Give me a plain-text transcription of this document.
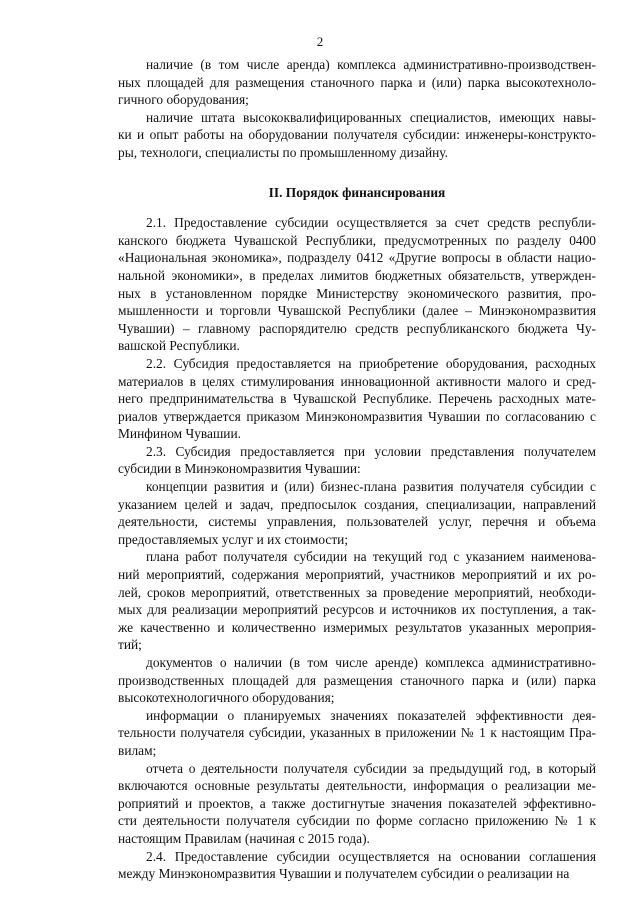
2
наличие (в том числе аренда) комплекса административно-производствен-
ных площадей для размещения станочного парка и (или) парка высокотехноло-
гичного оборудования;
наличие штата высококвалифицированных специалистов, имеющих навы-
ки и опыт работы на оборудовании получателя субсидии: инженеры-конструкто-
ры, технологи, специалисты по промышленному дизайну.
II. Порядок финансирования
2.1. Предоставление субсидии осуществляется за счет средств республи-
канского бюджета Чувашской Республики, предусмотренных по разделу 0400
«Национальная экономика», подразделу 0412 «Другие вопросы в области нацио-
нальной экономики», в пределах лимитов бюджетных обязательств, утвержден-
ных в установленном порядке Министерству экономического развития, про-
мышленности и торговли Чувашской Республики (далее – Минэкономразвития
Чувашии) – главному распорядителю средств республиканского бюджета Чу-
вашской Республики.
2.2. Субсидия предоставляется на приобретение оборудования, расходных
материалов в целях стимулирования инновационной активности малого и сред-
него предпринимательства в Чувашской Республике. Перечень расходных мате-
риалов утверждается приказом Минэкономразвития Чувашии по согласованию с
Минфином Чувашии.
2.3. Субсидия предоставляется при условии представления получателем
субсидии в Минэкономразвития Чувашии:
концепции развития и (или) бизнес-плана развития получателя субсидии с
указанием целей и задач, предпосылок создания, специализации, направлений
деятельности, системы управления, пользователей услуг, перечня и объема
предоставляемых услуг и их стоимости;
плана работ получателя субсидии на текущий год с указанием наименова-
ний мероприятий, содержания мероприятий, участников мероприятий и их ро-
лей, сроков мероприятий, ответственных за проведение мероприятий, необходи-
мых для реализации мероприятий ресурсов и источников их поступления, а так-
же качественно и количественно измеримых результатов указанных мероприя-
тий;
документов о наличии (в том числе аренде) комплекса административно-
производственных площадей для размещения станочного парка и (или) парка
высокотехнологичного оборудования;
информации о планируемых значениях показателей эффективности дея-
тельности получателя субсидии, указанных в приложении № 1 к настоящим Пра-
вилам;
отчета о деятельности получателя субсидии за предыдущий год, в который
включаются основные результаты деятельности, информация о реализации ме-
роприятий и проектов, а также достигнутые значения показателей эффективно-
сти деятельности получателя субсидии по форме согласно приложению № 1 к
настоящим Правилам (начиная с 2015 года).
2.4. Предоставление субсидии осуществляется на основании соглашения
между Минэкономразвития Чувашии и получателем субсидии о реализации на
